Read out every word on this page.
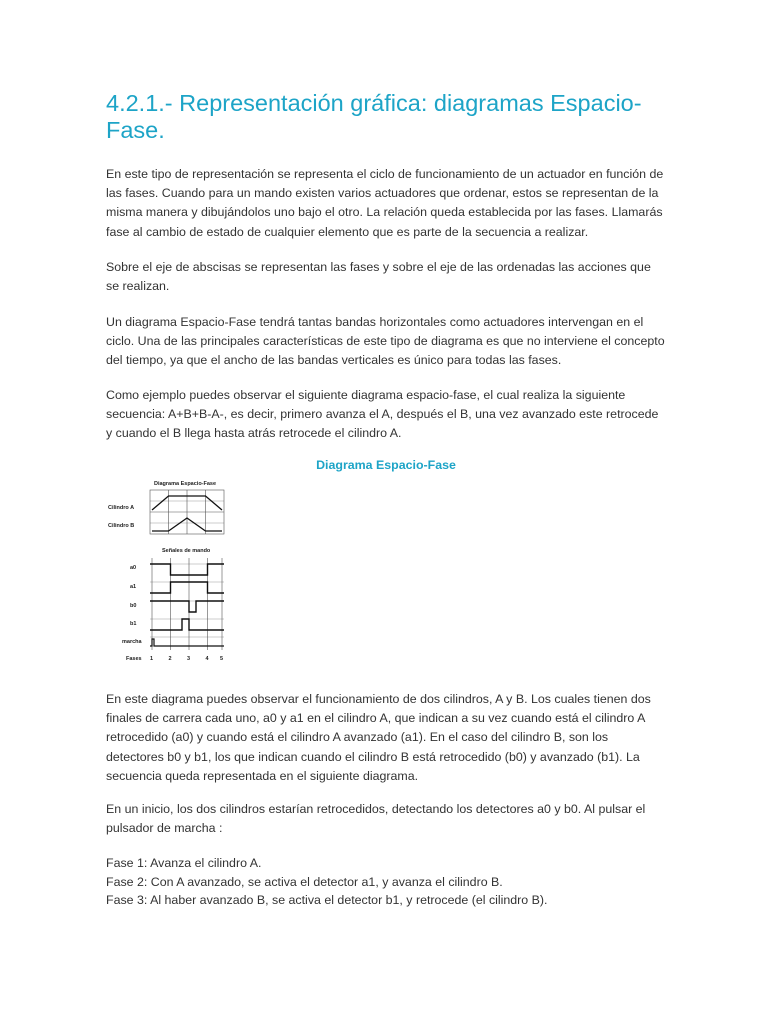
4.2.1.- Representación gráfica: diagramas Espacio-Fase.

En este tipo de representación se representa el ciclo de funcionamiento de un actuador en función de las fases. Cuando para un mando existen varios actuadores que ordenar, estos se representan de la misma manera y dibujándolos uno bajo el otro. La relación queda establecida por las fases. Llamarás fase al cambio de estado de cualquier elemento que es parte de la secuencia a realizar.

Sobre el eje de abscisas se representan las fases y sobre el eje de las ordenadas las acciones que se realizan.

Un diagrama Espacio-Fase tendrá tantas bandas horizontales como actuadores intervengan en el ciclo. Una de las principales características de este tipo de diagrama es que no interviene el concepto del tiempo, ya que el ancho de las bandas verticales es único para todas las fases.

Como ejemplo puedes observar el siguiente diagrama espacio-fase, el cual realiza la siguiente secuencia: A+B+B-A-, es decir, primero avanza el A, después el B, una vez avanzado este retrocede y cuando el B llega hasta atrás retrocede el cilindro A.

Diagrama Espacio-Fase

Diagrama Espacio-Fase
Cilindro A
Cilindro B
Señales de mando
a0
a1
b0
b1
marcha
Fases 1	2	3	4 5

En este diagrama puedes observar el funcionamiento de dos cilindros, A y B. Los cuales tienen dos finales de carrera cada uno, a0 y a1 en el cilindro A, que indican a su vez cuando está el cilindro A retrocedido (a0) y cuando está el cilindro A avanzado (a1). En el caso del cilindro B, son los detectores b0 y b1, los que indican cuando el cilindro B está retrocedido (b0) y avanzado (b1). La secuencia queda representada en el siguiente diagrama.

En un inicio, los dos cilindros estarían retrocedidos, detectando los detectores a0 y b0. Al pulsar el pulsador de marcha :

Fase 1: Avanza el cilindro A.

Fase 2: Con A avanzado, se activa el detector a1, y avanza el cilindro B.

Fase 3: Al haber avanzado B, se activa el detector b1, y retrocede (el cilindro B).
